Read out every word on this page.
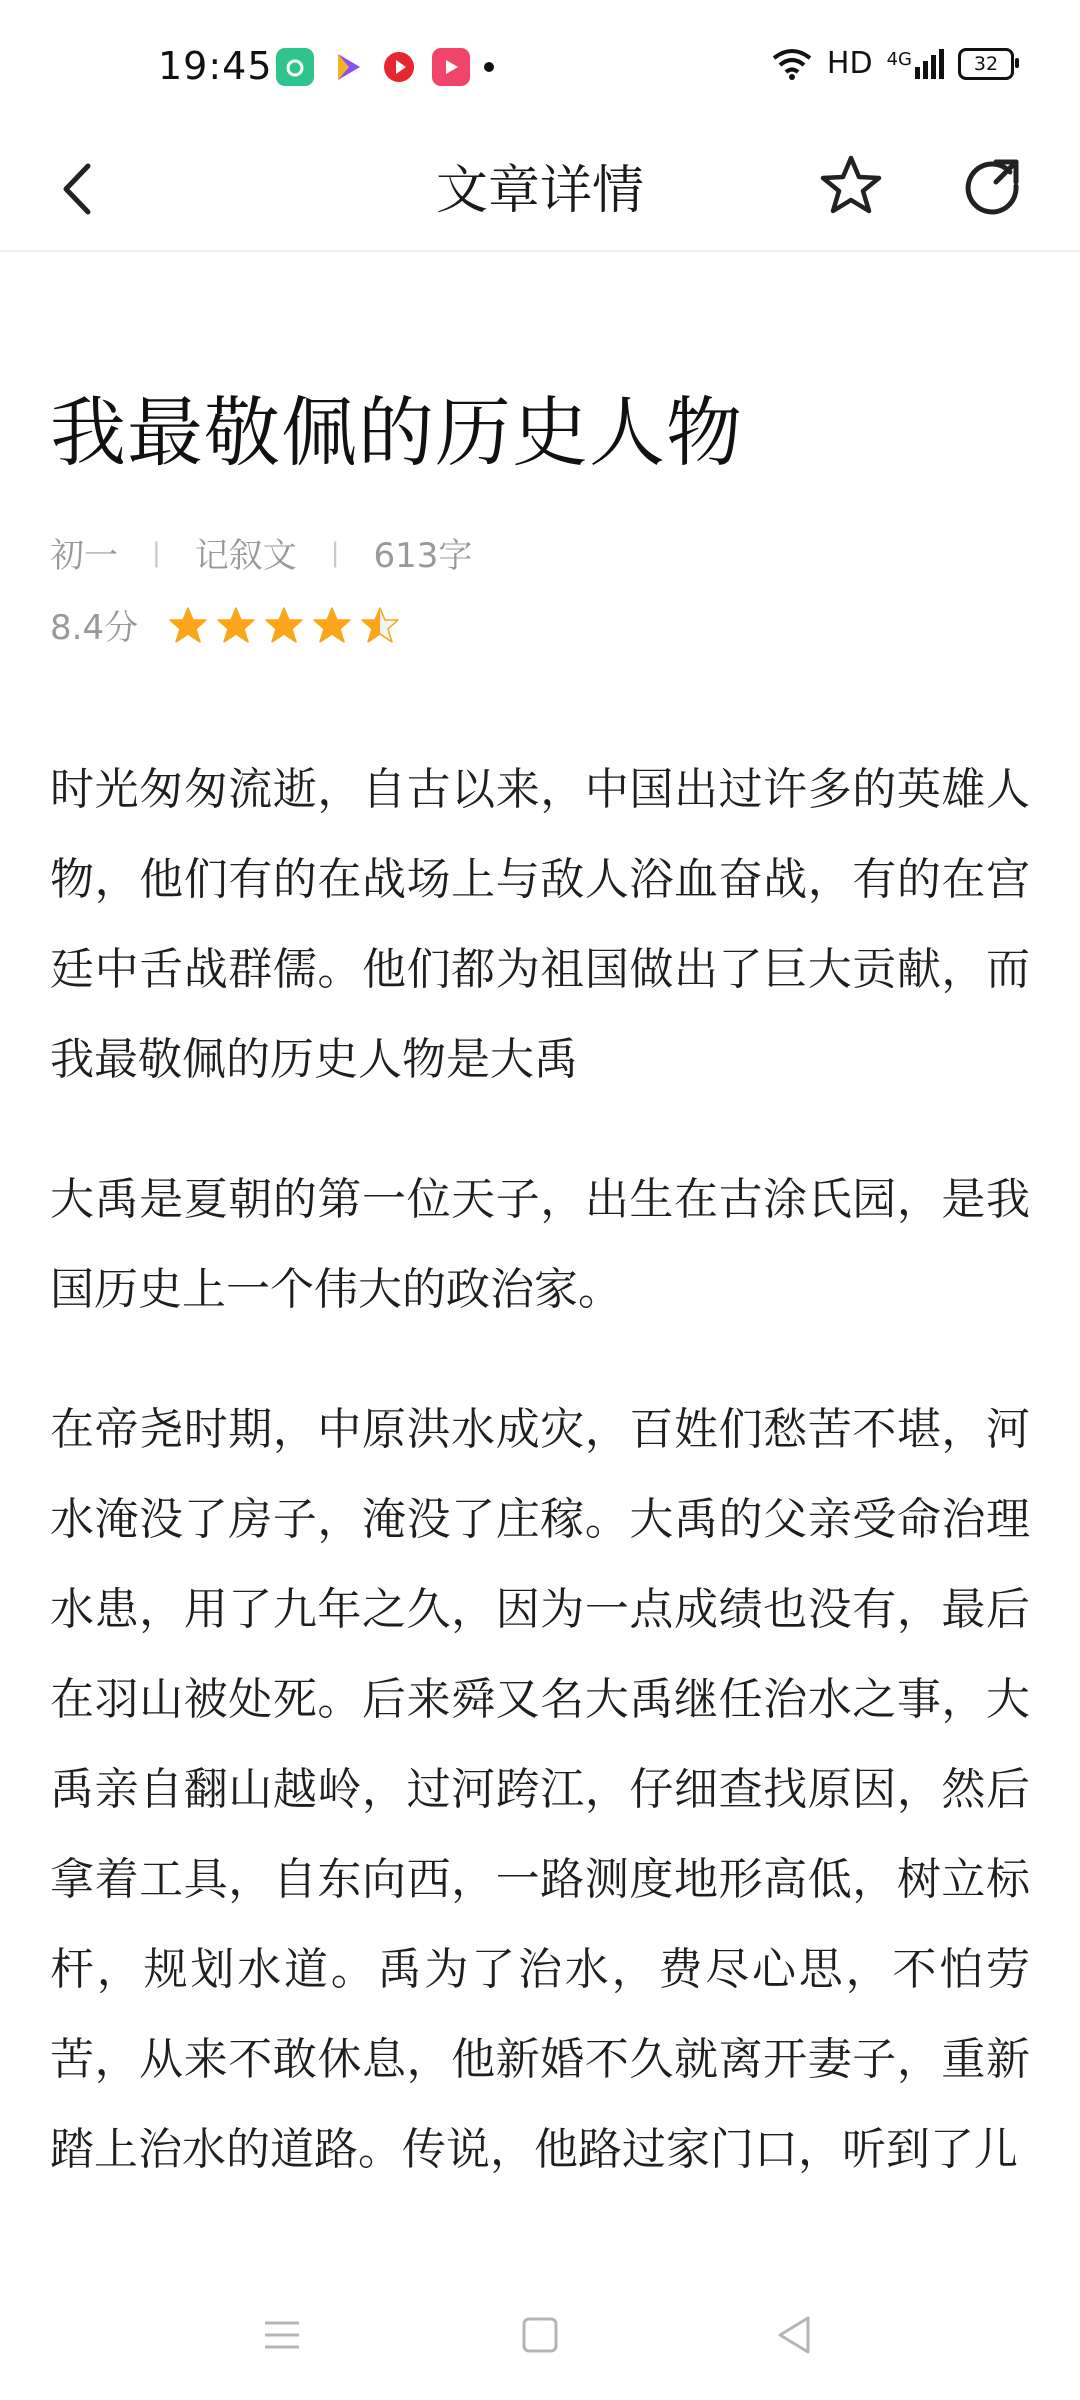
19:45	HD 4G	32
文章详情
我最敬佩的历史人物
初一 | 记叙文 | 613字
8.4分

时光匆匆流逝，自古以来，中国出过许多的英雄人物，他们有的在战场上与敌人浴血奋战，有的在宫廷中舌战群儒。他们都为祖国做出了巨大贡献，而我最敬佩的历史人物是大禹

大禹是夏朝的第一位天子，出生在古涂氏园，是我国历史上一个伟大的政治家。

在帝尧时期，中原洪水成灾，百姓们愁苦不堪，河水淹没了房子，淹没了庄稼。大禹的父亲受命治理水患，用了九年之久，因为一点成绩也没有，最后在羽山被处死。后来舜又名大禹继任治水之事，大禹亲自翻山越岭，过河跨江，仔细查找原因，然后拿着工具，自东向西，一路测度地形高低，树立标杆，规划水道。禹为了治水，费尽心思，不怕劳苦，从来不敢休息，他新婚不久就离开妻子，重新踏上治水的道路。传说，他路过家门口，听到了儿
